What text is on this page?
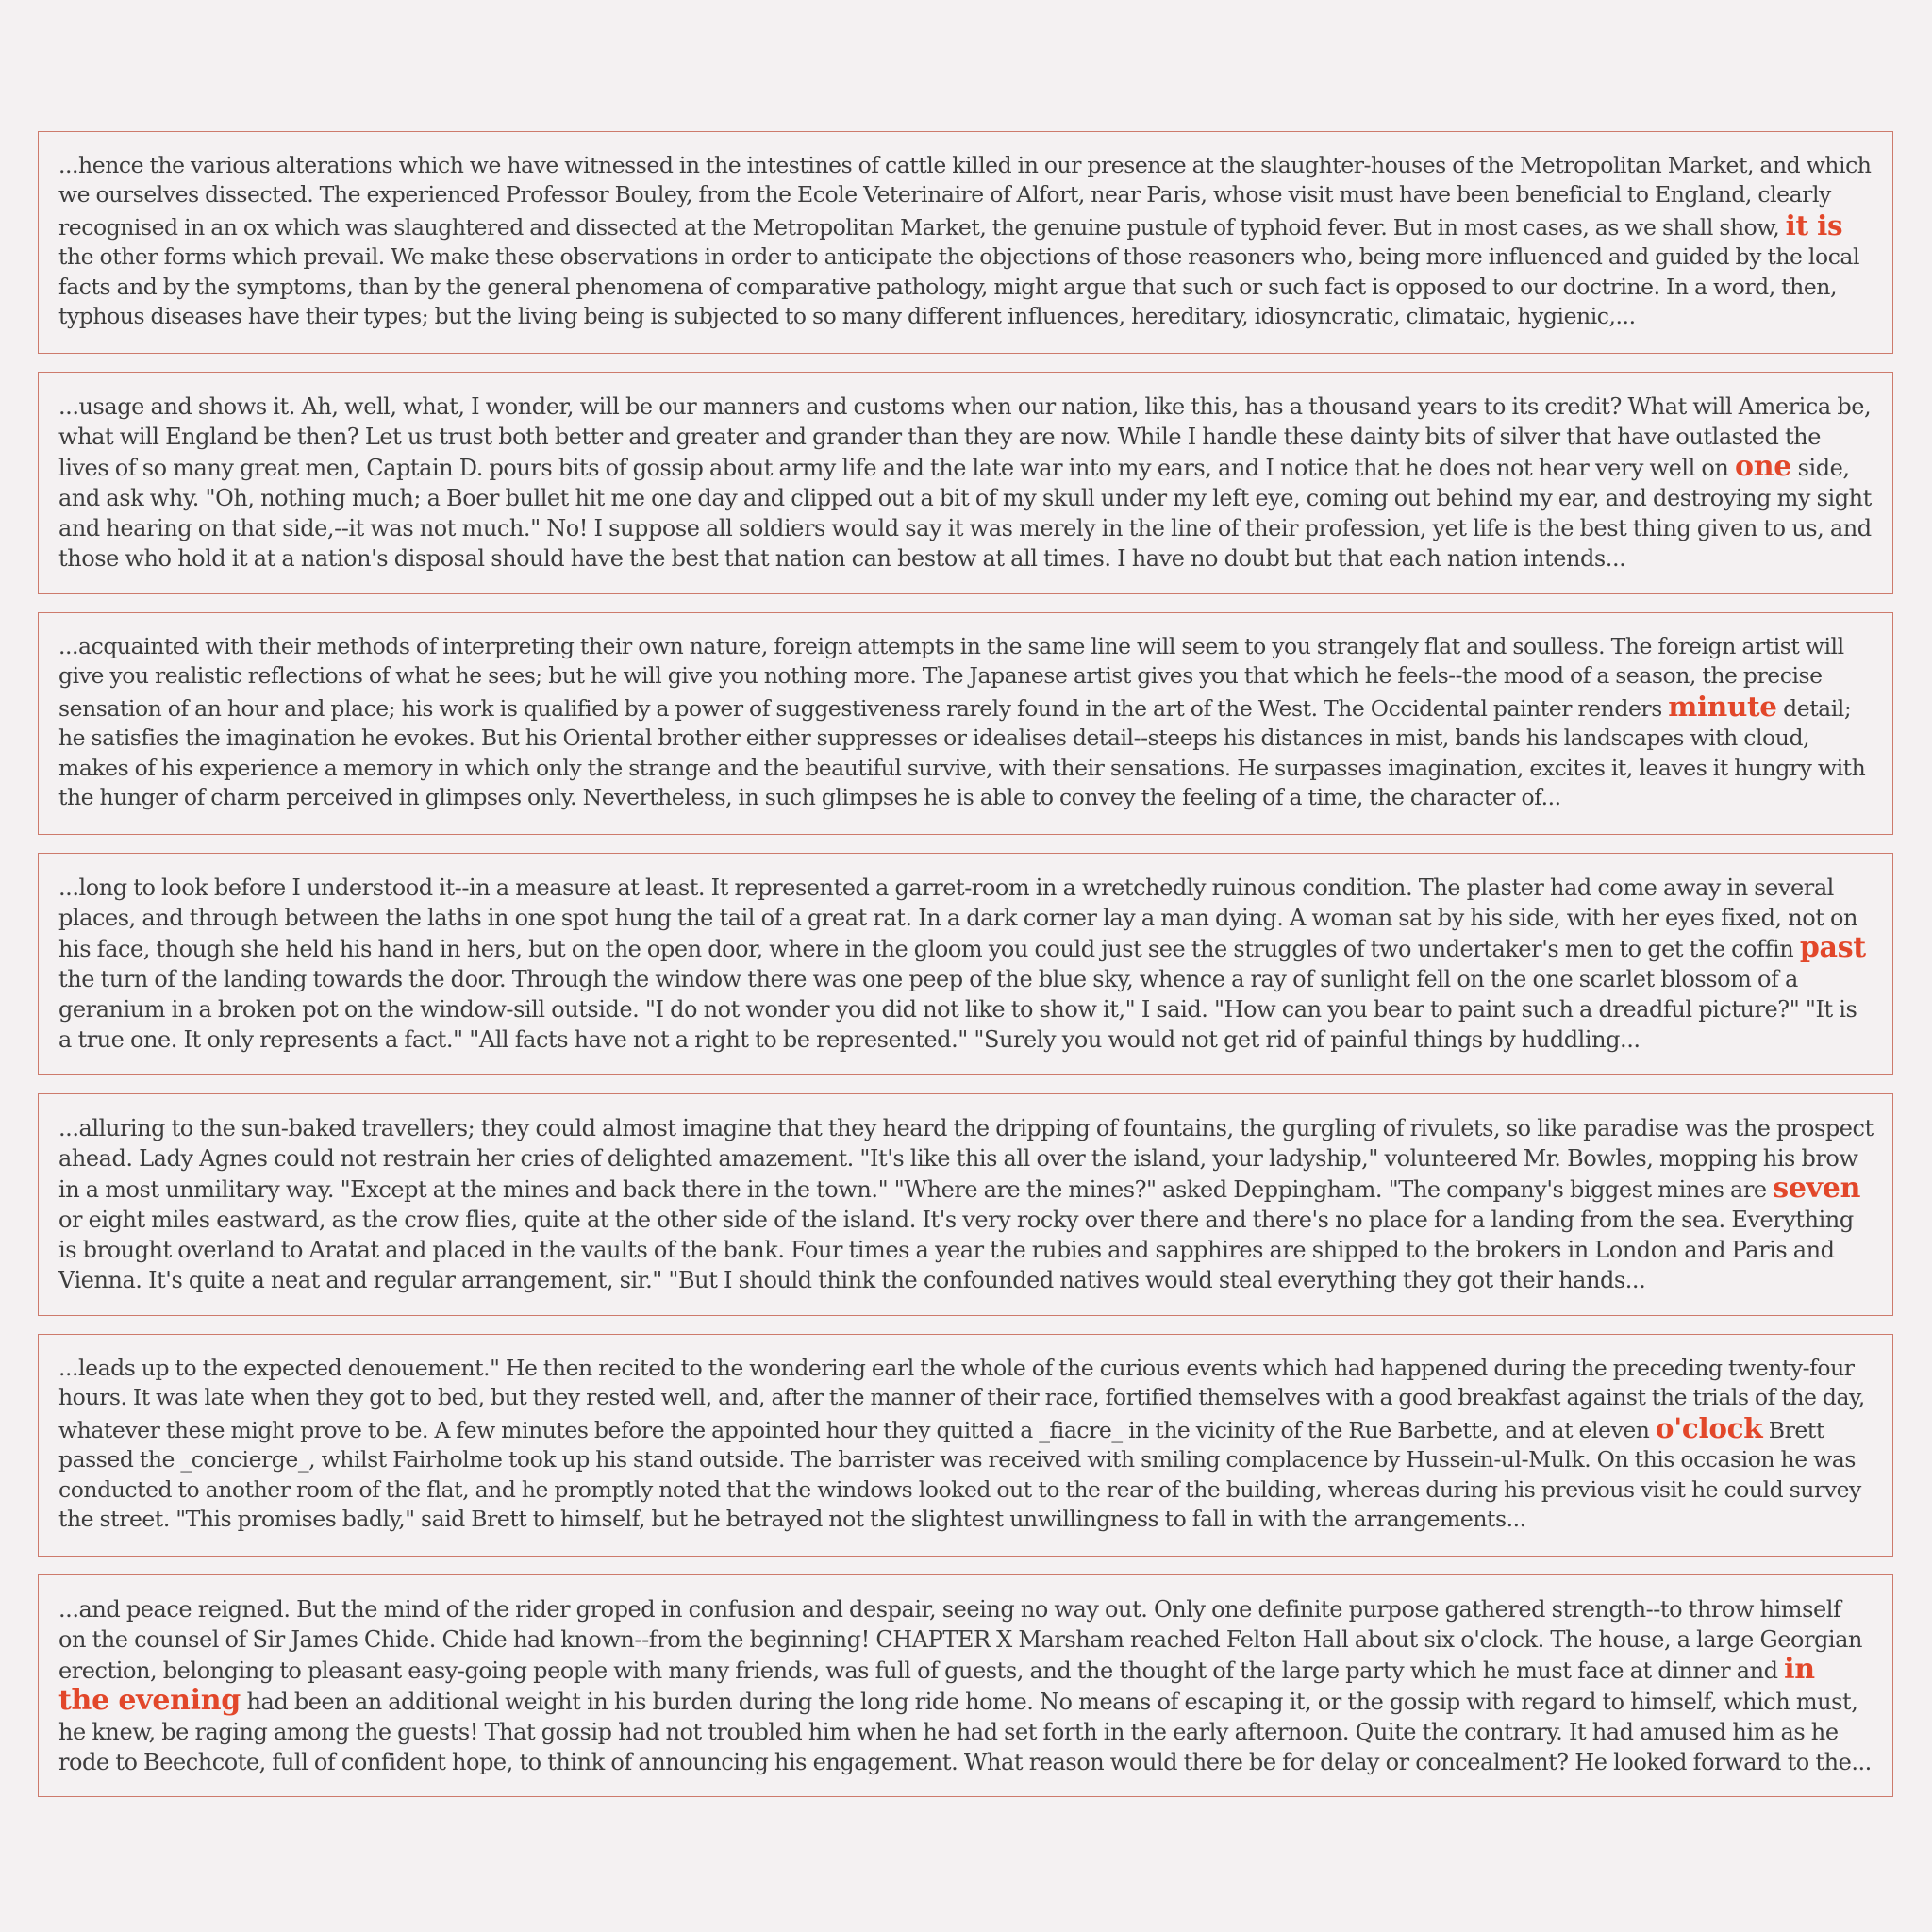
...hence the various alterations which we have witnessed in the intestines of cattle killed in our presence at the slaughter-houses of the Metropolitan Market, and which we ourselves dissected. The experienced Professor Bouley, from the Ecole Veterinaire of Alfort, near Paris, whose visit must have been beneficial to England, clearly recognised in an ox which was slaughtered and dissected at the Metropolitan Market, the genuine pustule of typhoid fever. But in most cases, as we shall show, it is the other forms which prevail. We make these observations in order to anticipate the objections of those reasoners who, being more influenced and guided by the local facts and by the symptoms, than by the general phenomena of comparative pathology, might argue that such or such fact is opposed to our doctrine. In a word, then, typhous diseases have their types; but the living being is subjected to so many different influences, hereditary, idiosyncratic, climataic, hygienic,...

...usage and shows it. Ah, well, what, I wonder, will be our manners and customs when our nation, like this, has a thousand years to its credit? What will America be, what will England be then? Let us trust both better and greater and grander than they are now. While I handle these dainty bits of silver that have outlasted the lives of so many great men, Captain D. pours bits of gossip about army life and the late war into my ears, and I notice that he does not hear very well on one side, and ask why. "Oh, nothing much; a Boer bullet hit me one day and clipped out a bit of my skull under my left eye, coming out behind my ear, and destroying my sight and hearing on that side,--it was not much." No! I suppose all soldiers would say it was merely in the line of their profession, yet life is the best thing given to us, and those who hold it at a nation's disposal should have the best that nation can bestow at all times. I have no doubt but that each nation intends...

...acquainted with their methods of interpreting their own nature, foreign attempts in the same line will seem to you strangely flat and soulless. The foreign artist will give you realistic reflections of what he sees; but he will give you nothing more. The Japanese artist gives you that which he feels--the mood of a season, the precise sensation of an hour and place; his work is qualified by a power of suggestiveness rarely found in the art of the West. The Occidental painter renders minute detail; he satisfies the imagination he evokes. But his Oriental brother either suppresses or idealises detail--steeps his distances in mist, bands his landscapes with cloud, makes of his experience a memory in which only the strange and the beautiful survive, with their sensations. He surpasses imagination, excites it, leaves it hungry with the hunger of charm perceived in glimpses only. Nevertheless, in such glimpses he is able to convey the feeling of a time, the character of...

...long to look before I understood it--in a measure at least. It represented a garret-room in a wretchedly ruinous condition. The plaster had come away in several places, and through between the laths in one spot hung the tail of a great rat. In a dark corner lay a man dying. A woman sat by his side, with her eyes fixed, not on his face, though she held his hand in hers, but on the open door, where in the gloom you could just see the struggles of two undertaker's men to get the coffin past the turn of the landing towards the door. Through the window there was one peep of the blue sky, whence a ray of sunlight fell on the one scarlet blossom of a geranium in a broken pot on the window-sill outside. "I do not wonder you did not like to show it," I said. "How can you bear to paint such a dreadful picture?" "It is a true one. It only represents a fact." "All facts have not a right to be represented." "Surely you would not get rid of painful things by huddling...

...alluring to the sun-baked travellers; they could almost imagine that they heard the dripping of fountains, the gurgling of rivulets, so like paradise was the prospect ahead. Lady Agnes could not restrain her cries of delighted amazement. "It's like this all over the island, your ladyship," volunteered Mr. Bowles, mopping his brow in a most unmilitary way. "Except at the mines and back there in the town." "Where are the mines?" asked Deppingham. "The company's biggest mines are seven or eight miles eastward, as the crow flies, quite at the other side of the island. It's very rocky over there and there's no place for a landing from the sea. Everything is brought overland to Aratat and placed in the vaults of the bank. Four times a year the rubies and sapphires are shipped to the brokers in London and Paris and Vienna. It's quite a neat and regular arrangement, sir." "But I should think the confounded natives would steal everything they got their hands...

...leads up to the expected denouement." He then recited to the wondering earl the whole of the curious events which had happened during the preceding twenty-four hours. It was late when they got to bed, but they rested well, and, after the manner of their race, fortified themselves with a good breakfast against the trials of the day, whatever these might prove to be. A few minutes before the appointed hour they quitted a _fiacre_ in the vicinity of the Rue Barbette, and at eleven o'clock Brett passed the _concierge_, whilst Fairholme took up his stand outside. The barrister was received with smiling complacence by Hussein-ul-Mulk. On this occasion he was conducted to another room of the flat, and he promptly noted that the windows looked out to the rear of the building, whereas during his previous visit he could survey the street. "This promises badly," said Brett to himself, but he betrayed not the slightest unwillingness to fall in with the arrangements...

...and peace reigned. But the mind of the rider groped in confusion and despair, seeing no way out. Only one definite purpose gathered strength--to throw himself on the counsel of Sir James Chide. Chide had known--from the beginning! CHAPTER X Marsham reached Felton Hall about six o'clock. The house, a large Georgian erection, belonging to pleasant easy-going people with many friends, was full of guests, and the thought of the large party which he must face at dinner and in the evening had been an additional weight in his burden during the long ride home. No means of escaping it, or the gossip with regard to himself, which must, he knew, be raging among the guests! That gossip had not troubled him when he had set forth in the early afternoon. Quite the contrary. It had amused him as he rode to Beechcote, full of confident hope, to think of announcing his engagement. What reason would there be for delay or concealment? He looked forward to the...
